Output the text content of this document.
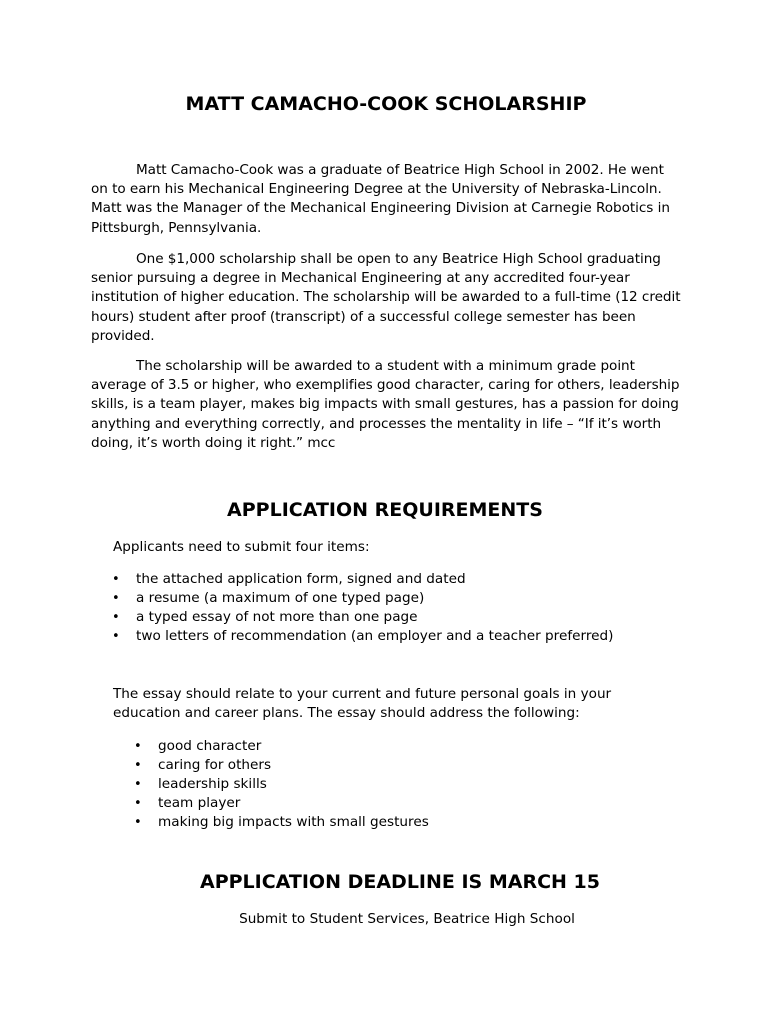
MATT CAMACHO-COOK SCHOLARSHIP

Matt Camacho-Cook was a graduate of Beatrice High School in 2002. He went on to earn his Mechanical Engineering Degree at the University of Nebraska-Lincoln. Matt was the Manager of the Mechanical Engineering Division at Carnegie Robotics in Pittsburgh, Pennsylvania.

One $1,000 scholarship shall be open to any Beatrice High School graduating senior pursuing a degree in Mechanical Engineering at any accredited four-year institution of higher education. The scholarship will be awarded to a full-time (12 credit hours) student after proof (transcript) of a successful college semester has been provided.

The scholarship will be awarded to a student with a minimum grade point average of 3.5 or higher, who exemplifies good character, caring for others, leadership skills, is a team player, makes big impacts with small gestures, has a passion for doing anything and everything correctly, and processes the mentality in life – “If it’s worth doing, it’s worth doing it right.” mcc

APPLICATION REQUIREMENTS

Applicants need to submit four items:

• the attached application form, signed and dated
• a resume (a maximum of one typed page)
• a typed essay of not more than one page
• two letters of recommendation (an employer and a teacher preferred)

The essay should relate to your current and future personal goals in your education and career plans. The essay should address the following:

• good character
• caring for others
• leadership skills
• team player
• making big impacts with small gestures
APPLICATION DEADLINE IS MARCH 15
Submit to Student Services, Beatrice High School
